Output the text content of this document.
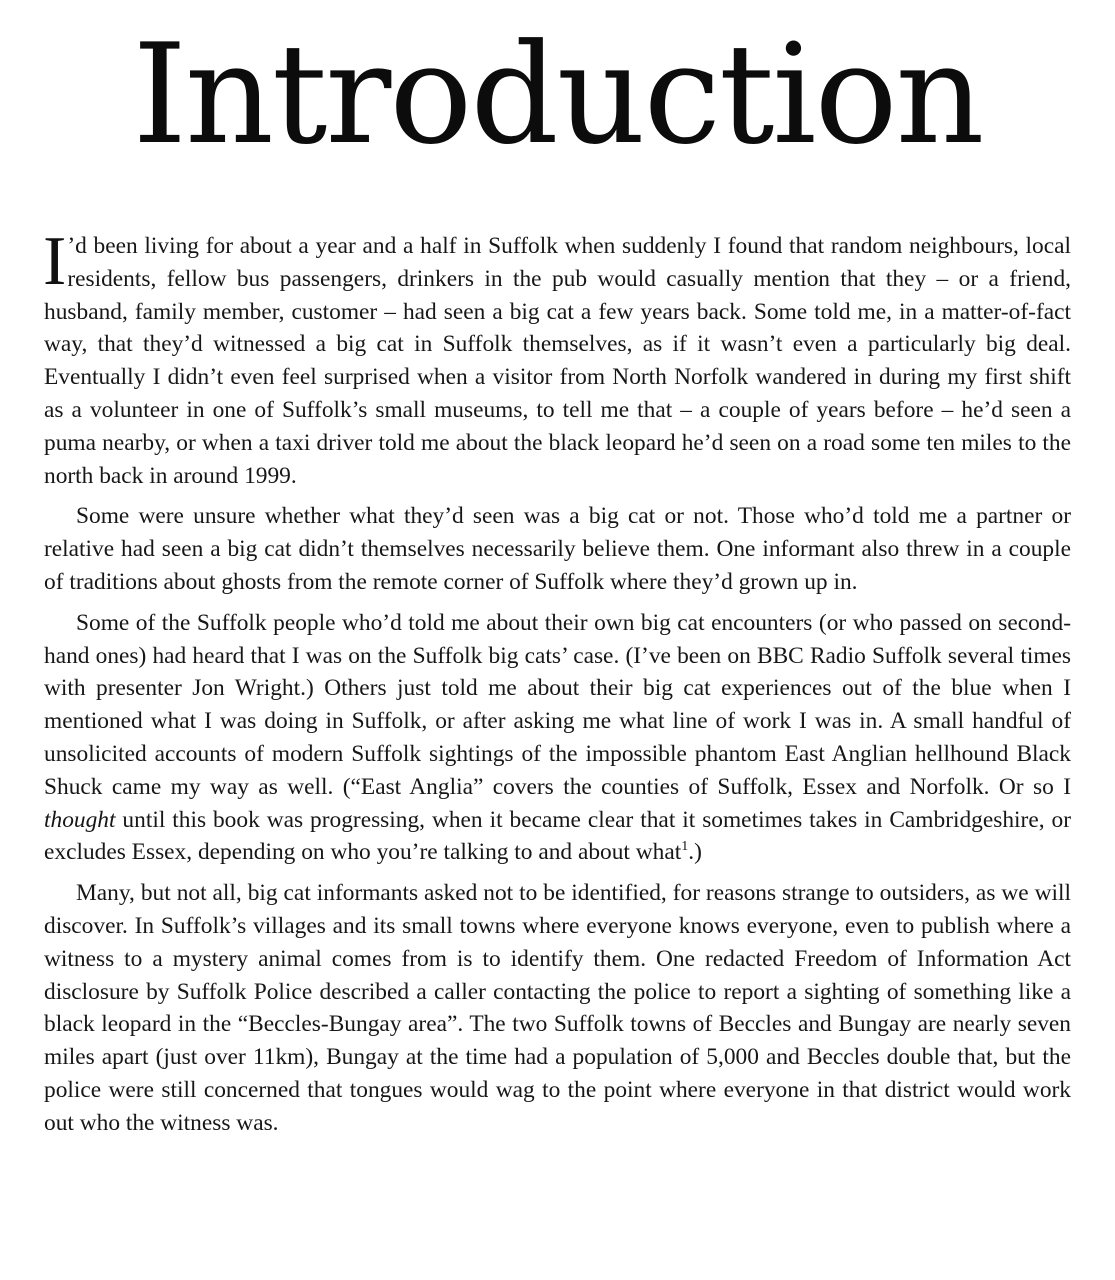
Introduction

I ’d been living for about a year and a half in Suffolk when suddenly I found that random neighbours, local residents, fellow bus passengers, drinkers in the pub would casually mention that they – or a friend, husband, family member, customer – had seen a big cat a few years back. Some told me, in a matter-of-fact way, that they’d witnessed a big cat in Suffolk themselves, as if it wasn’t even a particularly big deal. Eventually I didn’t even feel surprised when a visitor from North Norfolk wandered in during my first shift as a volunteer in one of Suffolk’s small museums, to tell me that – a couple of years before – he’d seen a puma nearby, or when a taxi driver told me about the black leopard he’d seen on a road some ten miles to the north back in around 1999.

Some were unsure whether what they’d seen was a big cat or not. Those who’d told me a partner or relative had seen a big cat didn’t themselves necessarily believe them. One informant also threw in a couple of traditions about ghosts from the remote corner of Suffolk where they’d grown up in.

Some of the Suffolk people who’d told me about their own big cat encounters (or who passed on second-hand ones) had heard that I was on the Suffolk big cats’ case. (I’ve been on BBC Radio Suffolk several times with presenter Jon Wright.) Others just told me about their big cat experiences out of the blue when I mentioned what I was doing in Suffolk, or after asking me what line of work I was in. A small handful of unsolicited accounts of modern Suffolk sightings of the impossible phantom East Anglian hellhound Black Shuck came my way as well. (“East Anglia” covers the counties of Suffolk, Essex and Norfolk. Or so I thought until this book was progressing, when it became clear that it sometimes takes in Cambridgeshire, or excludes Essex, depending on who you’re talking to and about what$^1$.)

Many, but not all, big cat informants asked not to be identified, for reasons strange to outsiders, as we will discover. In Suffolk’s villages and its small towns where everyone knows everyone, even to publish where a witness to a mystery animal comes from is to identify them. One redacted Freedom of Information Act disclosure by Suffolk Police described a caller contacting the police to report a sighting of something like a black leopard in the “Beccles-Bungay area”. The two Suffolk towns of Beccles and Bungay are nearly seven miles apart (just over 11km), Bungay at the time had a population of 5,000 and Beccles double that, but the police were still concerned that tongues would wag to the point where everyone in that district would work out who the witness was.
